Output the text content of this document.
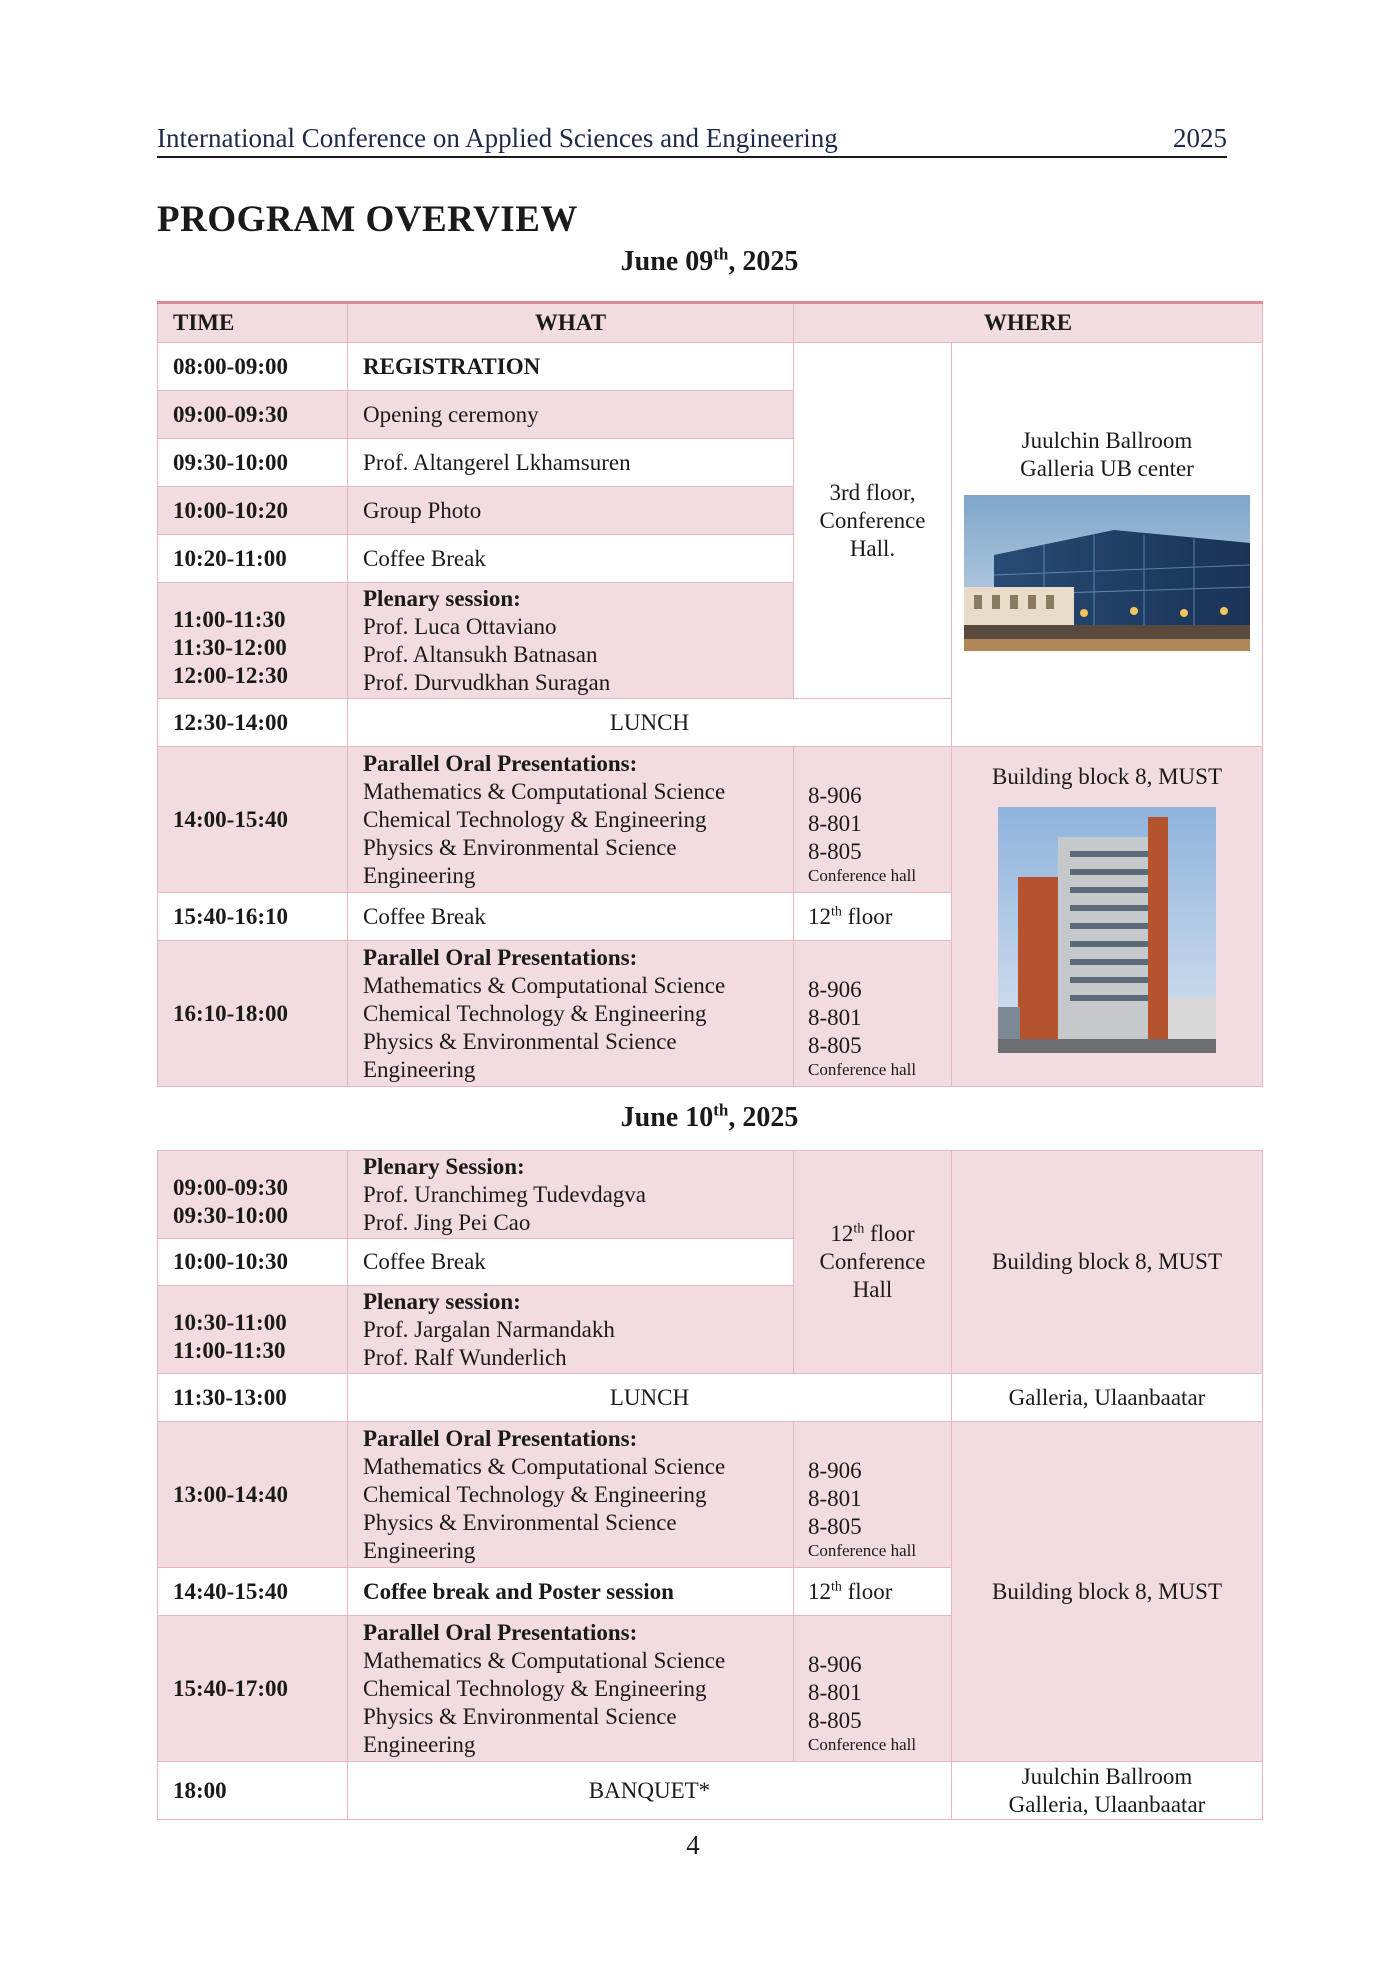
International Conference on Applied Sciences and Engineering	2025
PROGRAM OVERVIEW
June 09th, 2025
TIME	WHAT	WHERE	
08:00-09:00	REGISTRATION	3rd floor,
Conference
Hall.	Juulchin Ballroom
Galleria UB center

09:00-09:30	Opening ceremony		
09:30-10:00	Prof. Altangerel Lkhamsuren		
10:00-10:20	Group Photo		
10:20-11:00	Coffee Break		

11:00-11:30
11:30-12:00
12:00-12:30	Plenary session:
Prof. Luca Ottaviano
Prof. Altansukh Batnasan
Prof. Durvudkhan Suragan		

12:30-14:00	LUNCH		
14:00-15:40	Parallel Oral Presentations:
Mathematics & Computational Science
Chemical Technology & Engineering
Physics & Environmental Science
Engineering	8-906
8-801
8-805
Conference hall	Building block 8, MUST

15:40-16:10	Coffee Break	12th floor	
16:10-18:00	Parallel Oral Presentations:
Mathematics & Computational Science
Chemical Technology & Engineering
Physics & Environmental Science
Engineering	8-906
8-801
8-805
Conference hall	
June 10th, 2025
09:00-09:30
09:30-10:00	Plenary Session:
Prof. Uranchimeg Tudevdagva
Prof. Jing Pei Cao	12th floor
Conference
Hall	Building block 8, MUST
10:00-10:30	Coffee Break		

10:30-11:00
11:00-11:30	Plenary session:
Prof. Jargalan Narmandakh
Prof. Ralf Wunderlich		

11:30-13:00	LUNCH		Galleria, Ulaanbaatar
13:00-14:40	Parallel Oral Presentations:
Mathematics & Computational Science
Chemical Technology & Engineering
Physics & Environmental Science
Engineering	8-906
8-801
8-805
Conference hall	Building block 8, MUST
14:40-15:40	Coffee break and Poster session	12th floor	
15:40-17:00	Parallel Oral Presentations:
Mathematics & Computational Science
Chemical Technology & Engineering
Physics & Environmental Science
Engineering	8-906
8-801
8-805
Conference hall	

18:00	BANQUET*		Juulchin Ballroom
Galleria, Ulaanbaatar
4
